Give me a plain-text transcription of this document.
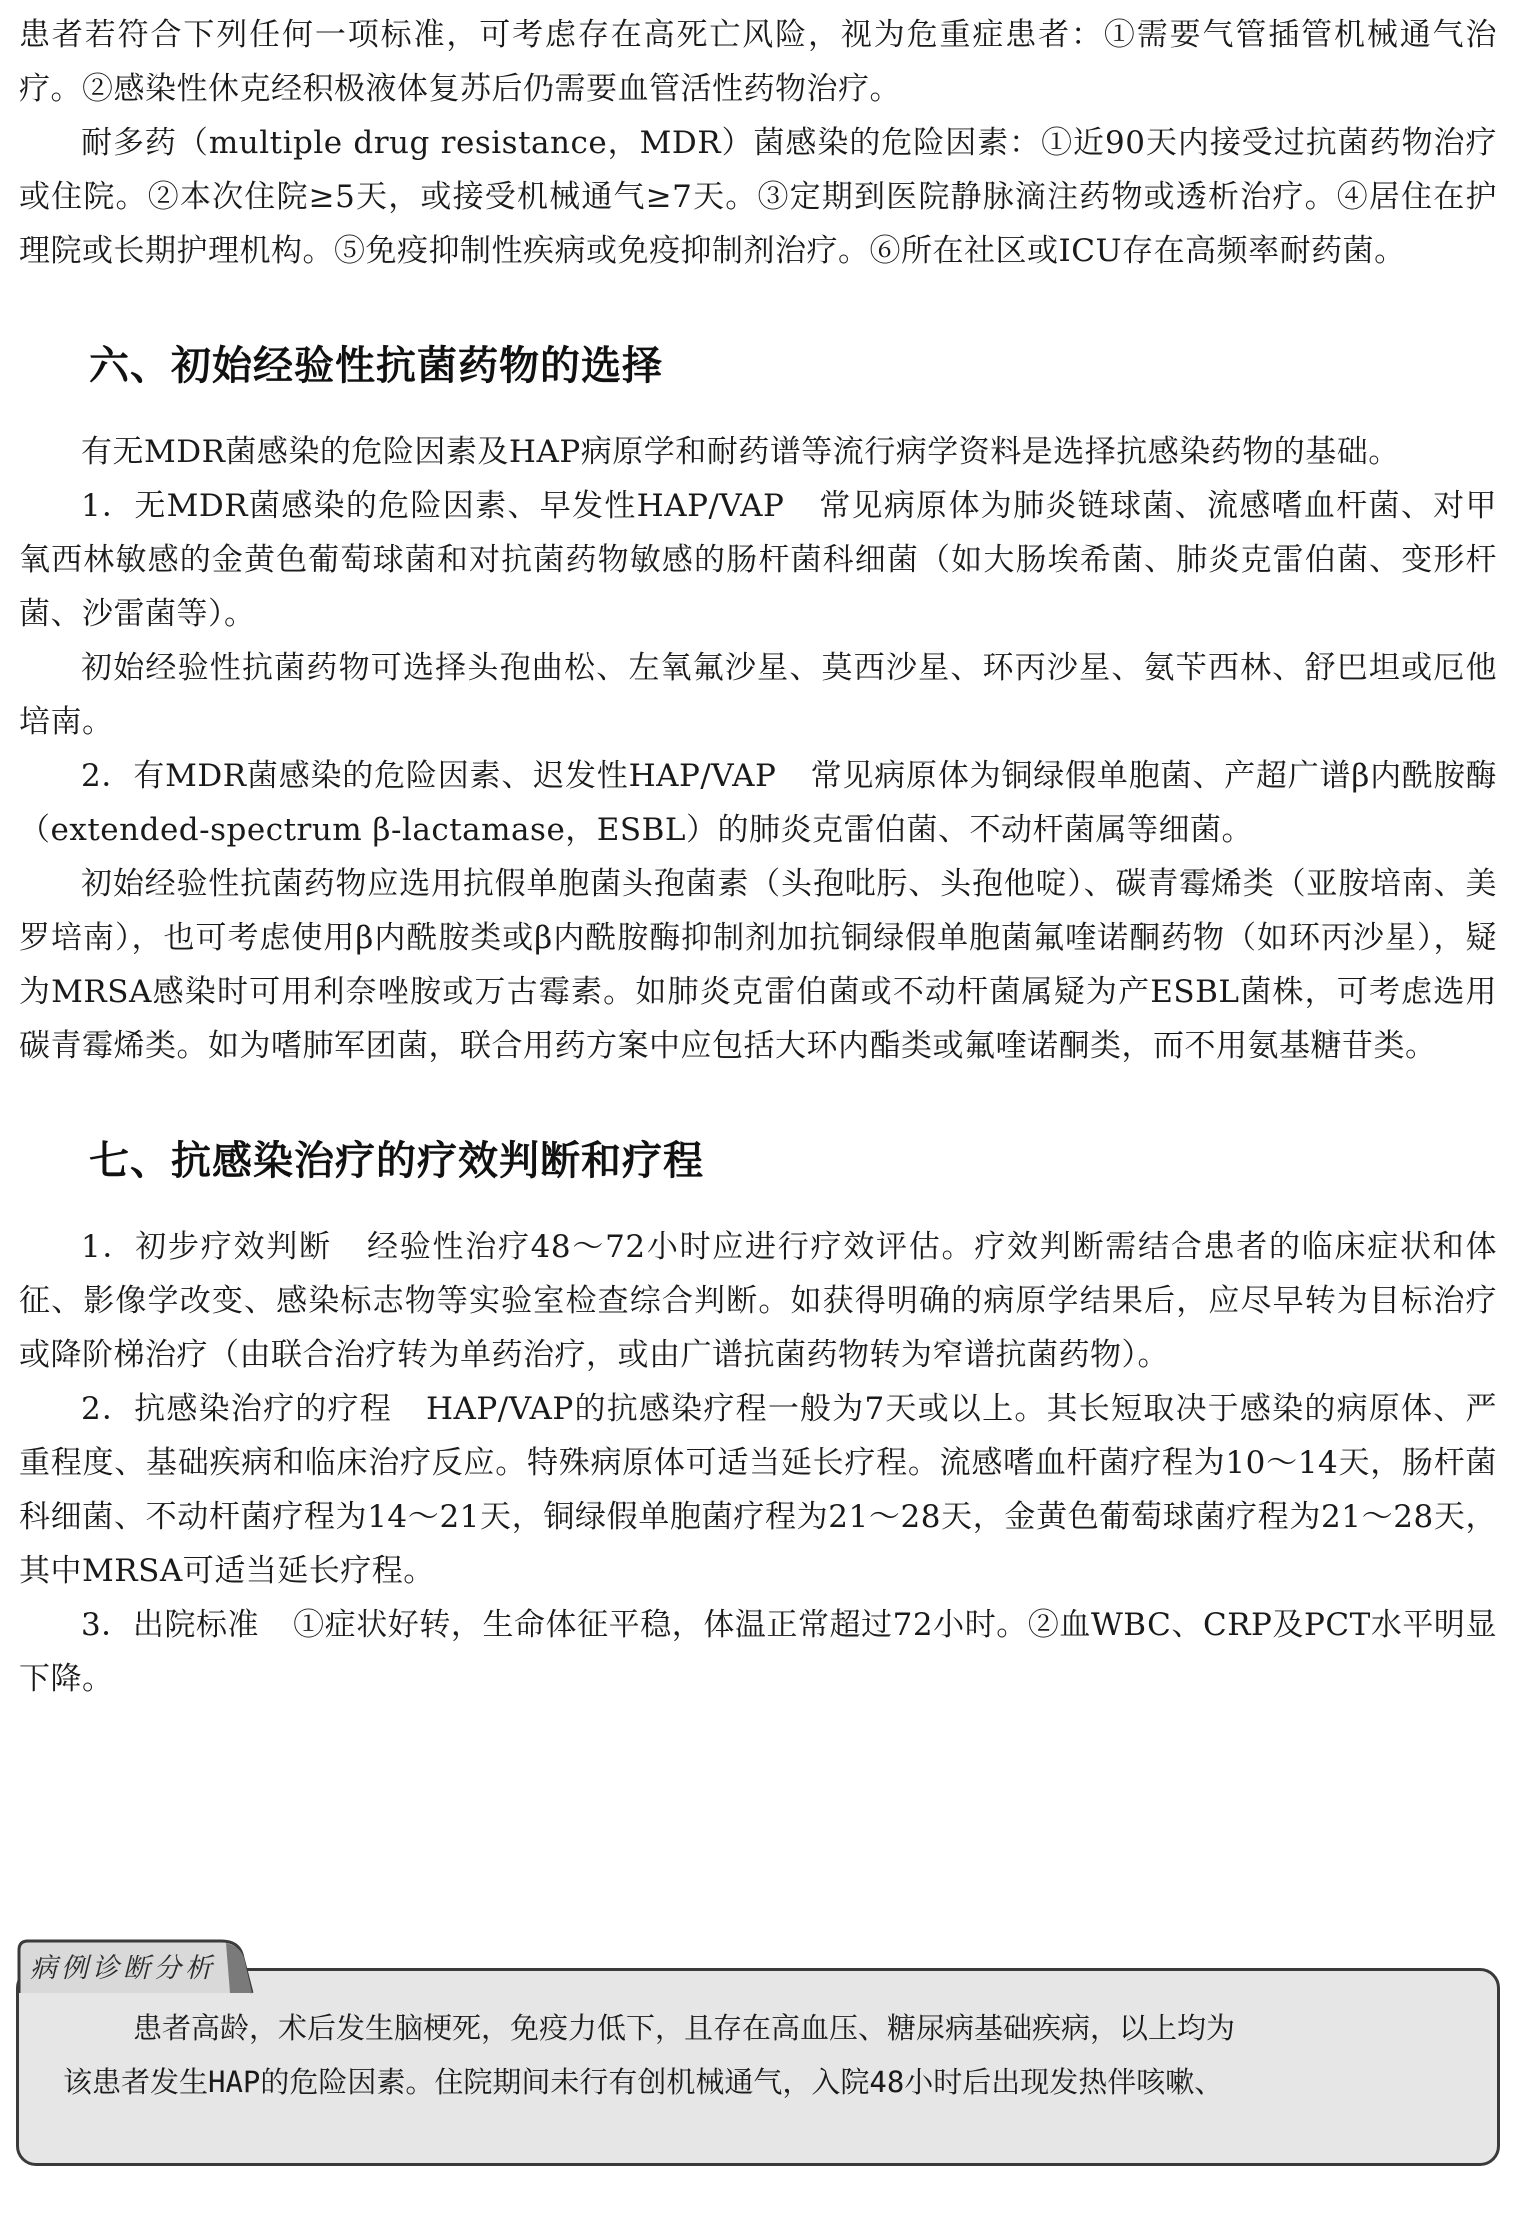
患者若符合下列任何一项标准，可考虑存在高死亡风险，视为危重症患者：①需要气管插管机械通气治疗。②感染性休克经积极液体复苏后仍需要血管活性药物治疗。

耐多药（multiple drug resistance，MDR）菌感染的危险因素：①近90天内接受过抗菌药物治疗或住院。②本次住院≥5天，或接受机械通气≥7天。③定期到医院静脉滴注药物或透析治疗。④居住在护理院或长期护理机构。⑤免疫抑制性疾病或免疫抑制剂治疗。⑥所在社区或ICU存在高频率耐药菌。

六、初始经验性抗菌药物的选择

有无MDR菌感染的危险因素及HAP病原学和耐药谱等流行病学资料是选择抗感染药物的基础。

1．无MDR菌感染的危险因素、早发性HAP/VAP 常见病原体为肺炎链球菌、流感嗜血杆菌、对甲氧西林敏感的金黄色葡萄球菌和对抗菌药物敏感的肠杆菌科细菌（如大肠埃希菌、肺炎克雷伯菌、变形杆菌、沙雷菌等）。

初始经验性抗菌药物可选择头孢曲松、左氧氟沙星、莫西沙星、环丙沙星、氨苄西林、舒巴坦或厄他培南。

2．有MDR菌感染的危险因素、迟发性HAP/VAP 常见病原体为铜绿假单胞菌、产超广谱β内酰胺酶（extended-spectrum β-lactamase，ESBL）的肺炎克雷伯菌、不动杆菌属等细菌。

初始经验性抗菌药物应选用抗假单胞菌头孢菌素（头孢吡肟、头孢他啶）、碳青霉烯类（亚胺培南、美罗培南），也可考虑使用β内酰胺类或β内酰胺酶抑制剂加抗铜绿假单胞菌氟喹诺酮药物（如环丙沙星），疑为MRSA感染时可用利奈唑胺或万古霉素。如肺炎克雷伯菌或不动杆菌属疑为产ESBL菌株，可考虑选用碳青霉烯类。如为嗜肺军团菌，联合用药方案中应包括大环内酯类或氟喹诺酮类，而不用氨基糖苷类。

七、抗感染治疗的疗效判断和疗程

1．初步疗效判断 经验性治疗48～72小时应进行疗效评估。疗效判断需结合患者的临床症状和体征、影像学改变、感染标志物等实验室检查综合判断。如获得明确的病原学结果后，应尽早转为目标治疗或降阶梯治疗（由联合治疗转为单药治疗，或由广谱抗菌药物转为窄谱抗菌药物）。

2．抗感染治疗的疗程 HAP/VAP的抗感染疗程一般为7天或以上。其长短取决于感染的病原体、严重程度、基础疾病和临床治疗反应。特殊病原体可适当延长疗程。流感嗜血杆菌疗程为10～14天，肠杆菌科细菌、不动杆菌疗程为14～21天，铜绿假单胞菌疗程为21～28天，金黄色葡萄球菌疗程为21～28天，其中MRSA可适当延长疗程。

3．出院标准 ①症状好转，生命体征平稳，体温正常超过72小时。②血WBC、CRP及PCT水平明显下降。

患者高龄，术后发生脑梗死，免疫力低下，且存在高血压、糖尿病基础疾病，以上均为

该患者发生HAP的危险因素。住院期间未行有创机械通气，入院48小时后出现发热伴咳嗽、

病例诊断分析
